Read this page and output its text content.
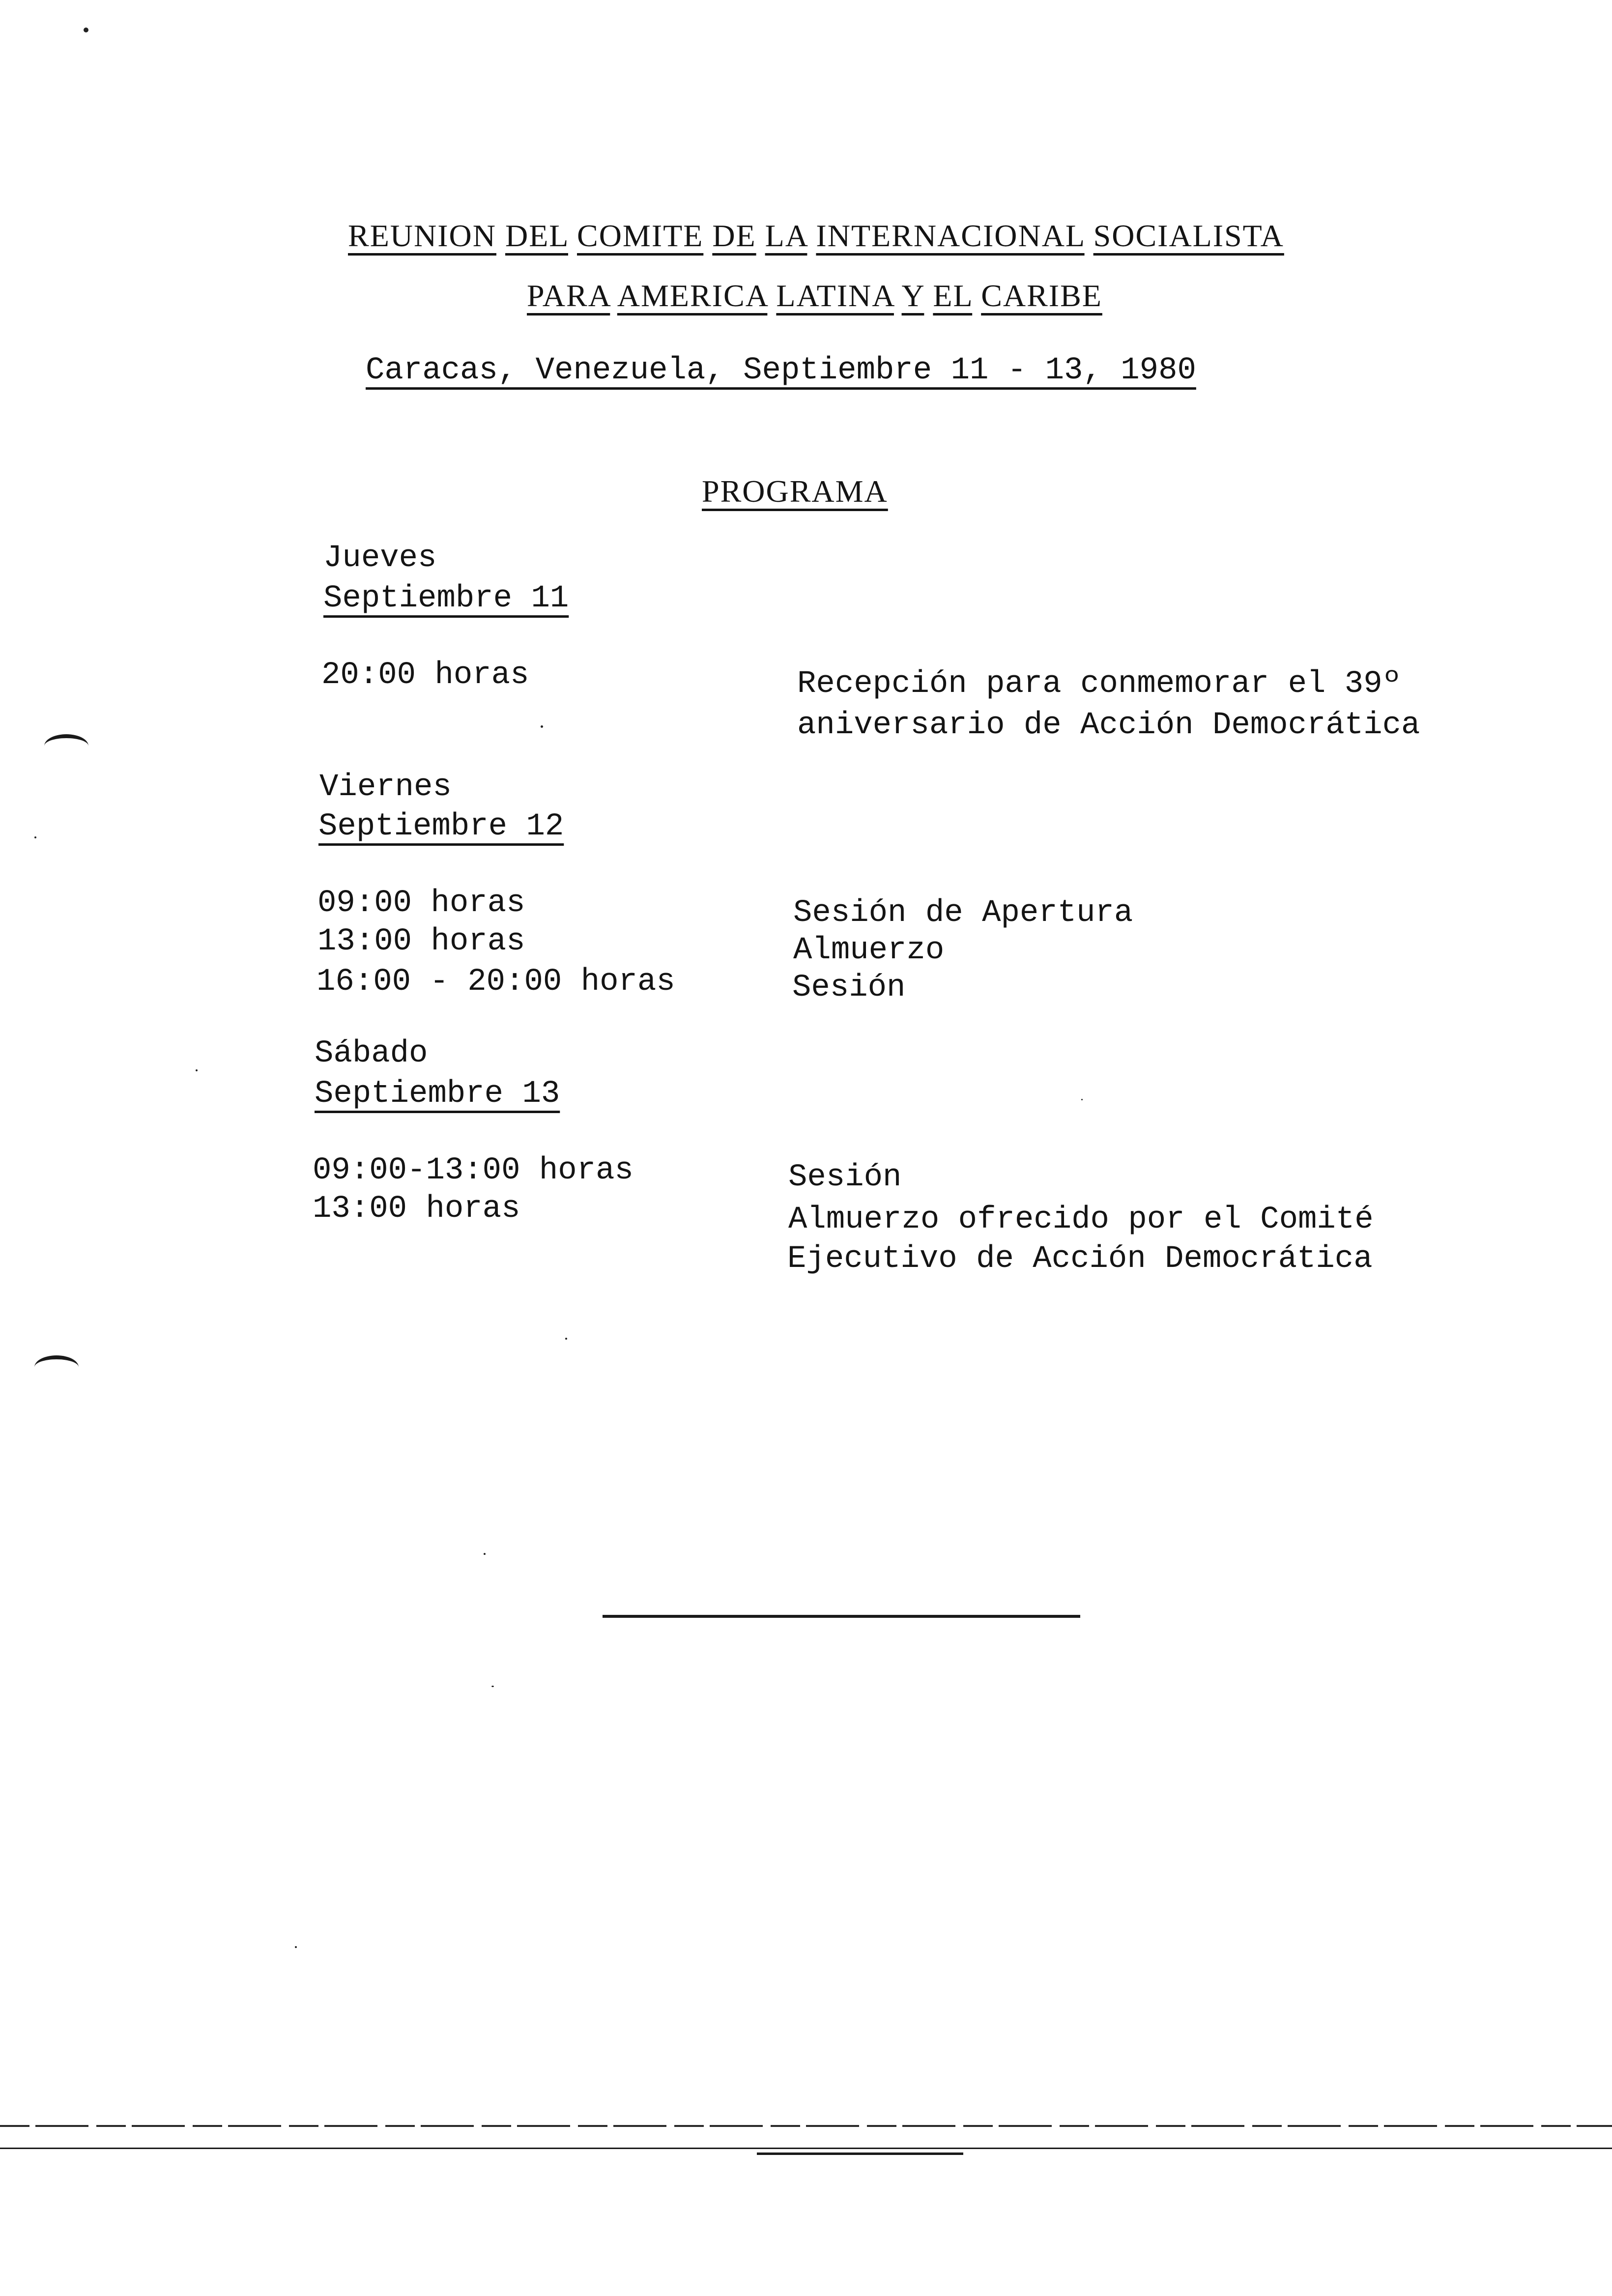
REUNION DEL COMITE DE LA INTERNACIONAL SOCIALISTA
PARA AMERICA LATINA Y EL CARIBE
Caracas, Venezuela, Septiembre 11 - 13, 1980
PROGRAMA
Jueves
Septiembre 11
20:00 horas	Recepción para conmemorar el 39º
aniversario de Acción Democrática
Viernes
Septiembre 12
09:00 horas
13:00 horas
16:00 - 20:00 horas
Sesión de Apertura
Almuerzo
Sesión
Sábado
Septiembre 13
09:00-13:00 horas
13:00 horas
Sesión
Almuerzo ofrecido por el Comité
Ejecutivo de Acción Democrática
